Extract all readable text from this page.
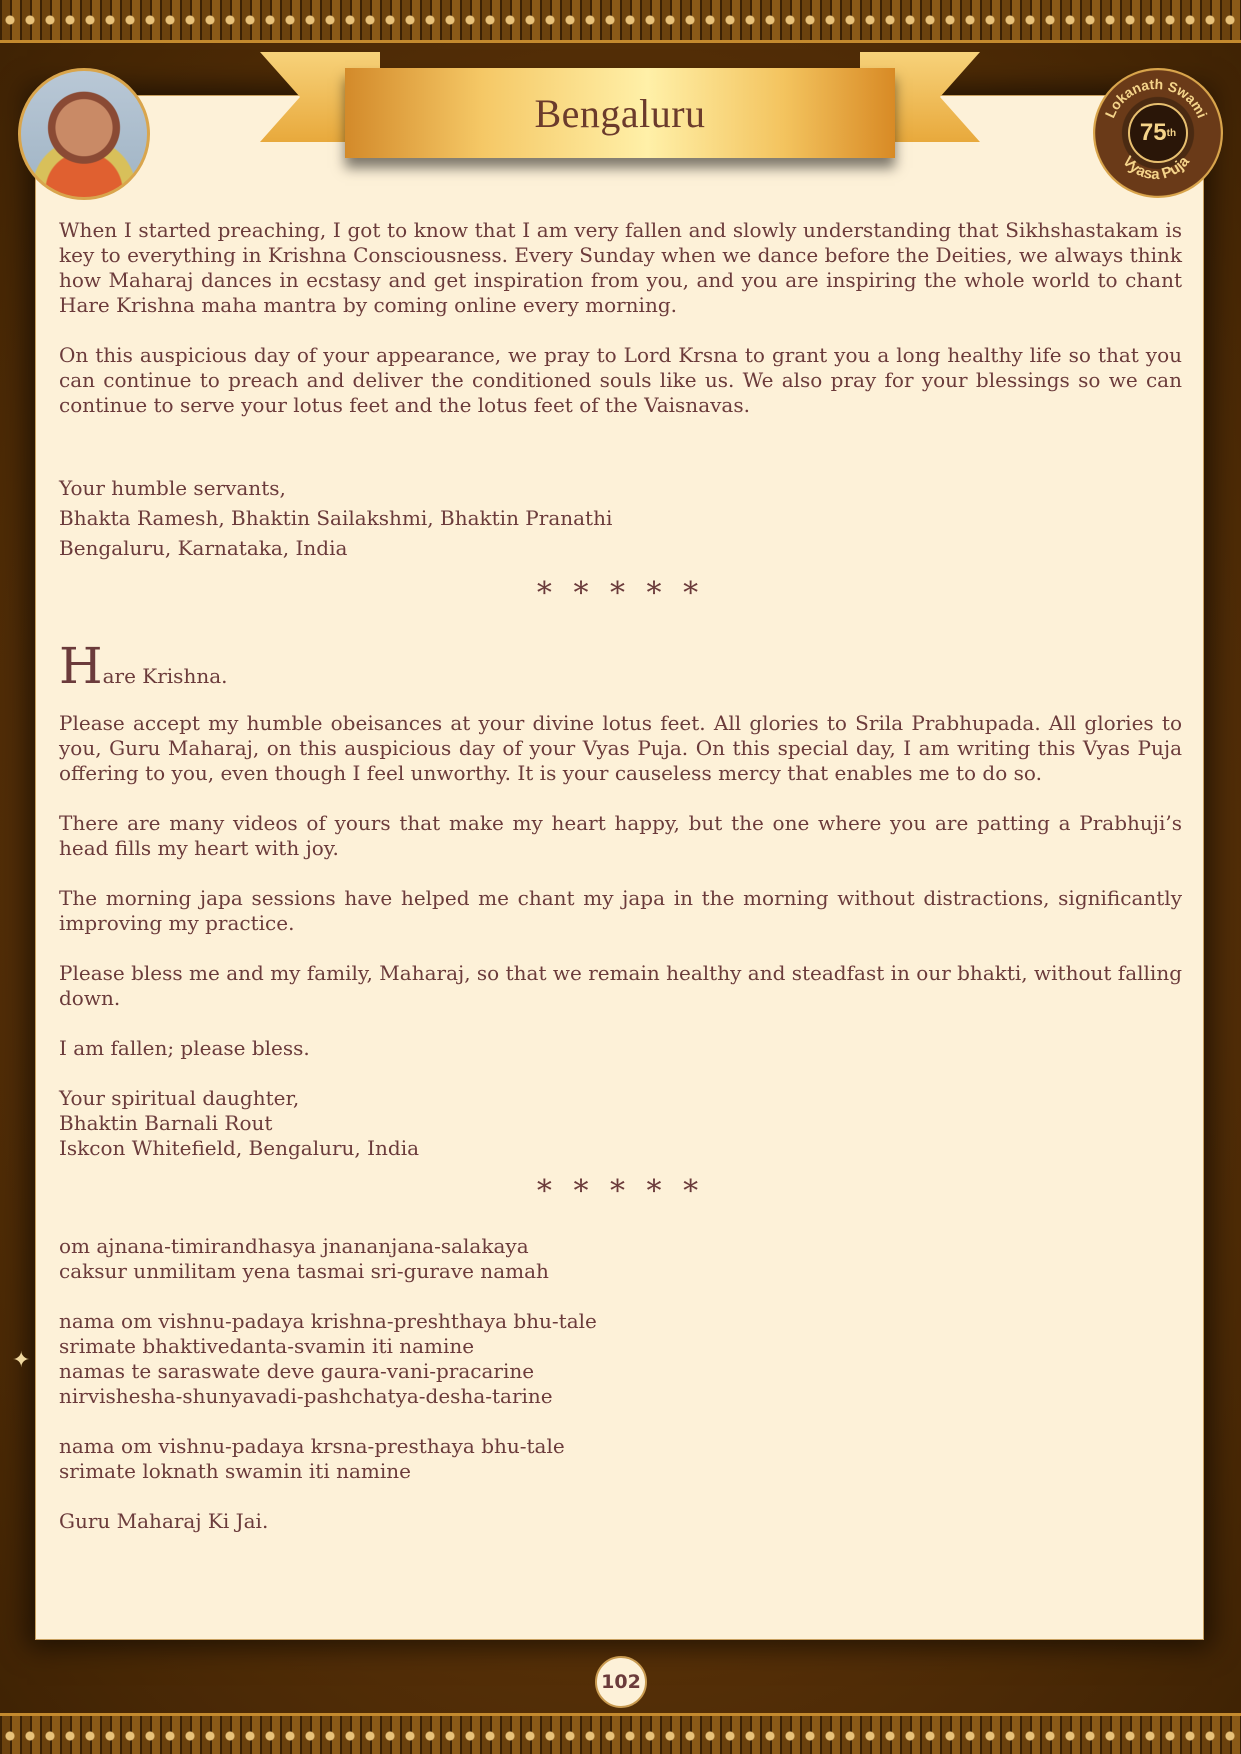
Bengaluru	75 th
Lokanath Swami
Vyasa Puja

When I started preaching, I got to know that I am very fallen and slowly understanding that Sikhshastakam is key to everything in Krishna Consciousness. Every Sunday when we dance before the Deities, we always think how Maharaj dances in ecstasy and get inspiration from you, and you are inspiring the whole world to chant Hare Krishna maha mantra by coming online every morning.

On this auspicious day of your appearance, we pray to Lord Krsna to grant you a long healthy life so that you can continue to preach and deliver the conditioned souls like us. We also pray for your blessings so we can continue to serve your lotus feet and the lotus feet of the Vaisnavas.

Your humble servants,
Bhakta Ramesh, Bhaktin Sailakshmi, Bhaktin Pranathi
Bengaluru, Karnataka, India
* * * * *
Hare Krishna.

Please accept my humble obeisances at your divine lotus feet. All glories to Srila Prabhupada. All glories to you, Guru Maharaj, on this auspicious day of your Vyas Puja. On this special day, I am writing this Vyas Puja offering to you, even though I feel unworthy. It is your causeless mercy that enables me to do so.

There are many videos of yours that make my heart happy, but the one where you are patting a Prabhuji’s head fills my heart with joy.

The morning japa sessions have helped me chant my japa in the morning without distractions, significantly improving my practice.

Please bless me and my family, Maharaj, so that we remain healthy and steadfast in our bhakti, without falling down.

I am fallen; please bless.

Your spiritual daughter,
Bhaktin Barnali Rout
Iskcon Whitefield, Bengaluru, India
* * * * *
om ajnana-timirandhasya jnananjana-salakaya
caksur unmilitam yena tasmai sri-gurave namah
nama om vishnu-padaya krishna-preshthaya bhu-tale
srimate bhaktivedanta-svamin iti namine
namas te saraswate deve gaura-vani-pracarine
nirvishesha-shunyavadi-pashchatya-desha-tarine
nama om vishnu-padaya krsna-presthaya bhu-tale
srimate loknath swamin iti namine
Guru Maharaj Ki Jai.
✦
102
